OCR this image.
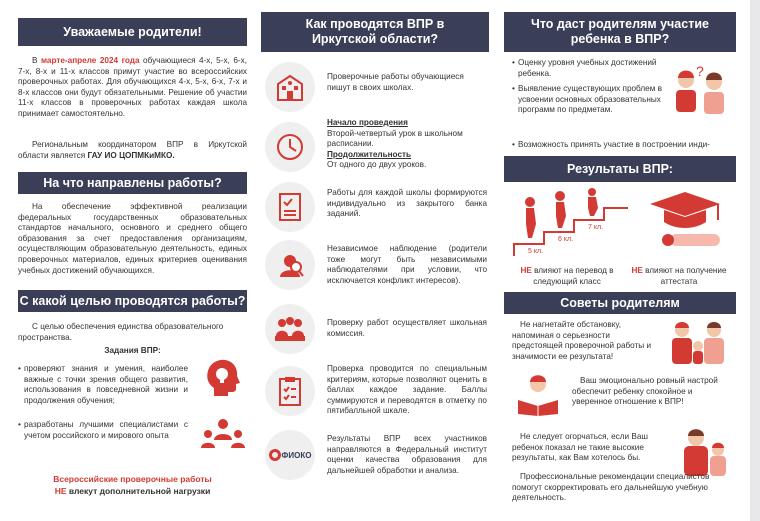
Уважаемые родители!
В марте-апреле 2024 года обучающиеся 4-х, 5-х, 6-х, 7-х, 8-х и 11-х классов примут участие во всероссийских проверочных работах. Для обучающихся 4-х, 5-х, 6-х, 7-х и 8-х классов они будут обязательными. Решение об участии 11-х классов в проверочных работах каждая школа принимает самостоятельно.
Региональным координатором ВПР в Иркутской области является ГАУ ИО ЦОПМКиМКО.
На что направлены работы?
На обеспечение эффективной реализации федеральных государственных образовательных стандартов начального, основного и среднего общего образования за счет предоставления организациям, осуществляющим образовательную деятельность, единых проверочных материалов, единых критериев оценивания учебных достижений обучающихся.
С какой целью проводятся работы?
С целью обеспечения единства образовательного пространства.
Задания ВПР:
• проверяют знания и умения, наиболее важные с точки зрения общего развития, использования в повседневной жизни и продолжения обучения;
• разработаны лучшими специалистами с учетом российского и мирового опыта
Всероссийские проверочные работы
НЕ влекут дополнительной нагрузки
Как проводятся ВПР в Иркутской области?
Проверочные работы обучающиеся пишут в своих школах.
Начало проведения
Второй-четвертый урок в школьном расписании.
Продолжительность
От одного до двух уроков.
Работы для каждой школы формируются индивидуально из закрытого банка заданий.
Независимое наблюдение (родители тоже могут быть независимыми наблюдателями при условии, что исключается конфликт интересов).
Проверку работ осуществляет школьная комиссия.
Проверка проводится по специальным критериям, которые позволяют оценить в баллах каждое задание. Баллы суммируются и переводятся в отметку по пятибалльной шкале.
ФИОКО
Результаты ВПР всех участников направляются в Федеральный институт оценки качества образования для дальнейшей обработки и анализа.
Что даст родителям участие ребенка в ВПР?
• Оценку уровня учебных достижений ребенка.
• Выявление существующих проблем в усвоении основных образовательных программ по предметам.
• Возможность принять участие в построении инди-
?
Результаты ВПР:
5 кл.
6 кл.
7 кл.
НЕ влияют на перевод в следующий класс
НЕ влияют на получение аттестата
Советы родителям
Не нагнетайте обстановку, напоминая о серьезности предстоящей проверочной работы и значимости ее результата!
Ваш эмоционально ровный настрой обеспечит ребенку спокойное и уверенное отношение к ВПР!
Не следует огорчаться, если Ваш ребенок показал не такие высокие результаты, как Вам хотелось бы.
Профессиональные рекомендации специалистов помогут скорректировать его дальнейшую учебную деятельность.
